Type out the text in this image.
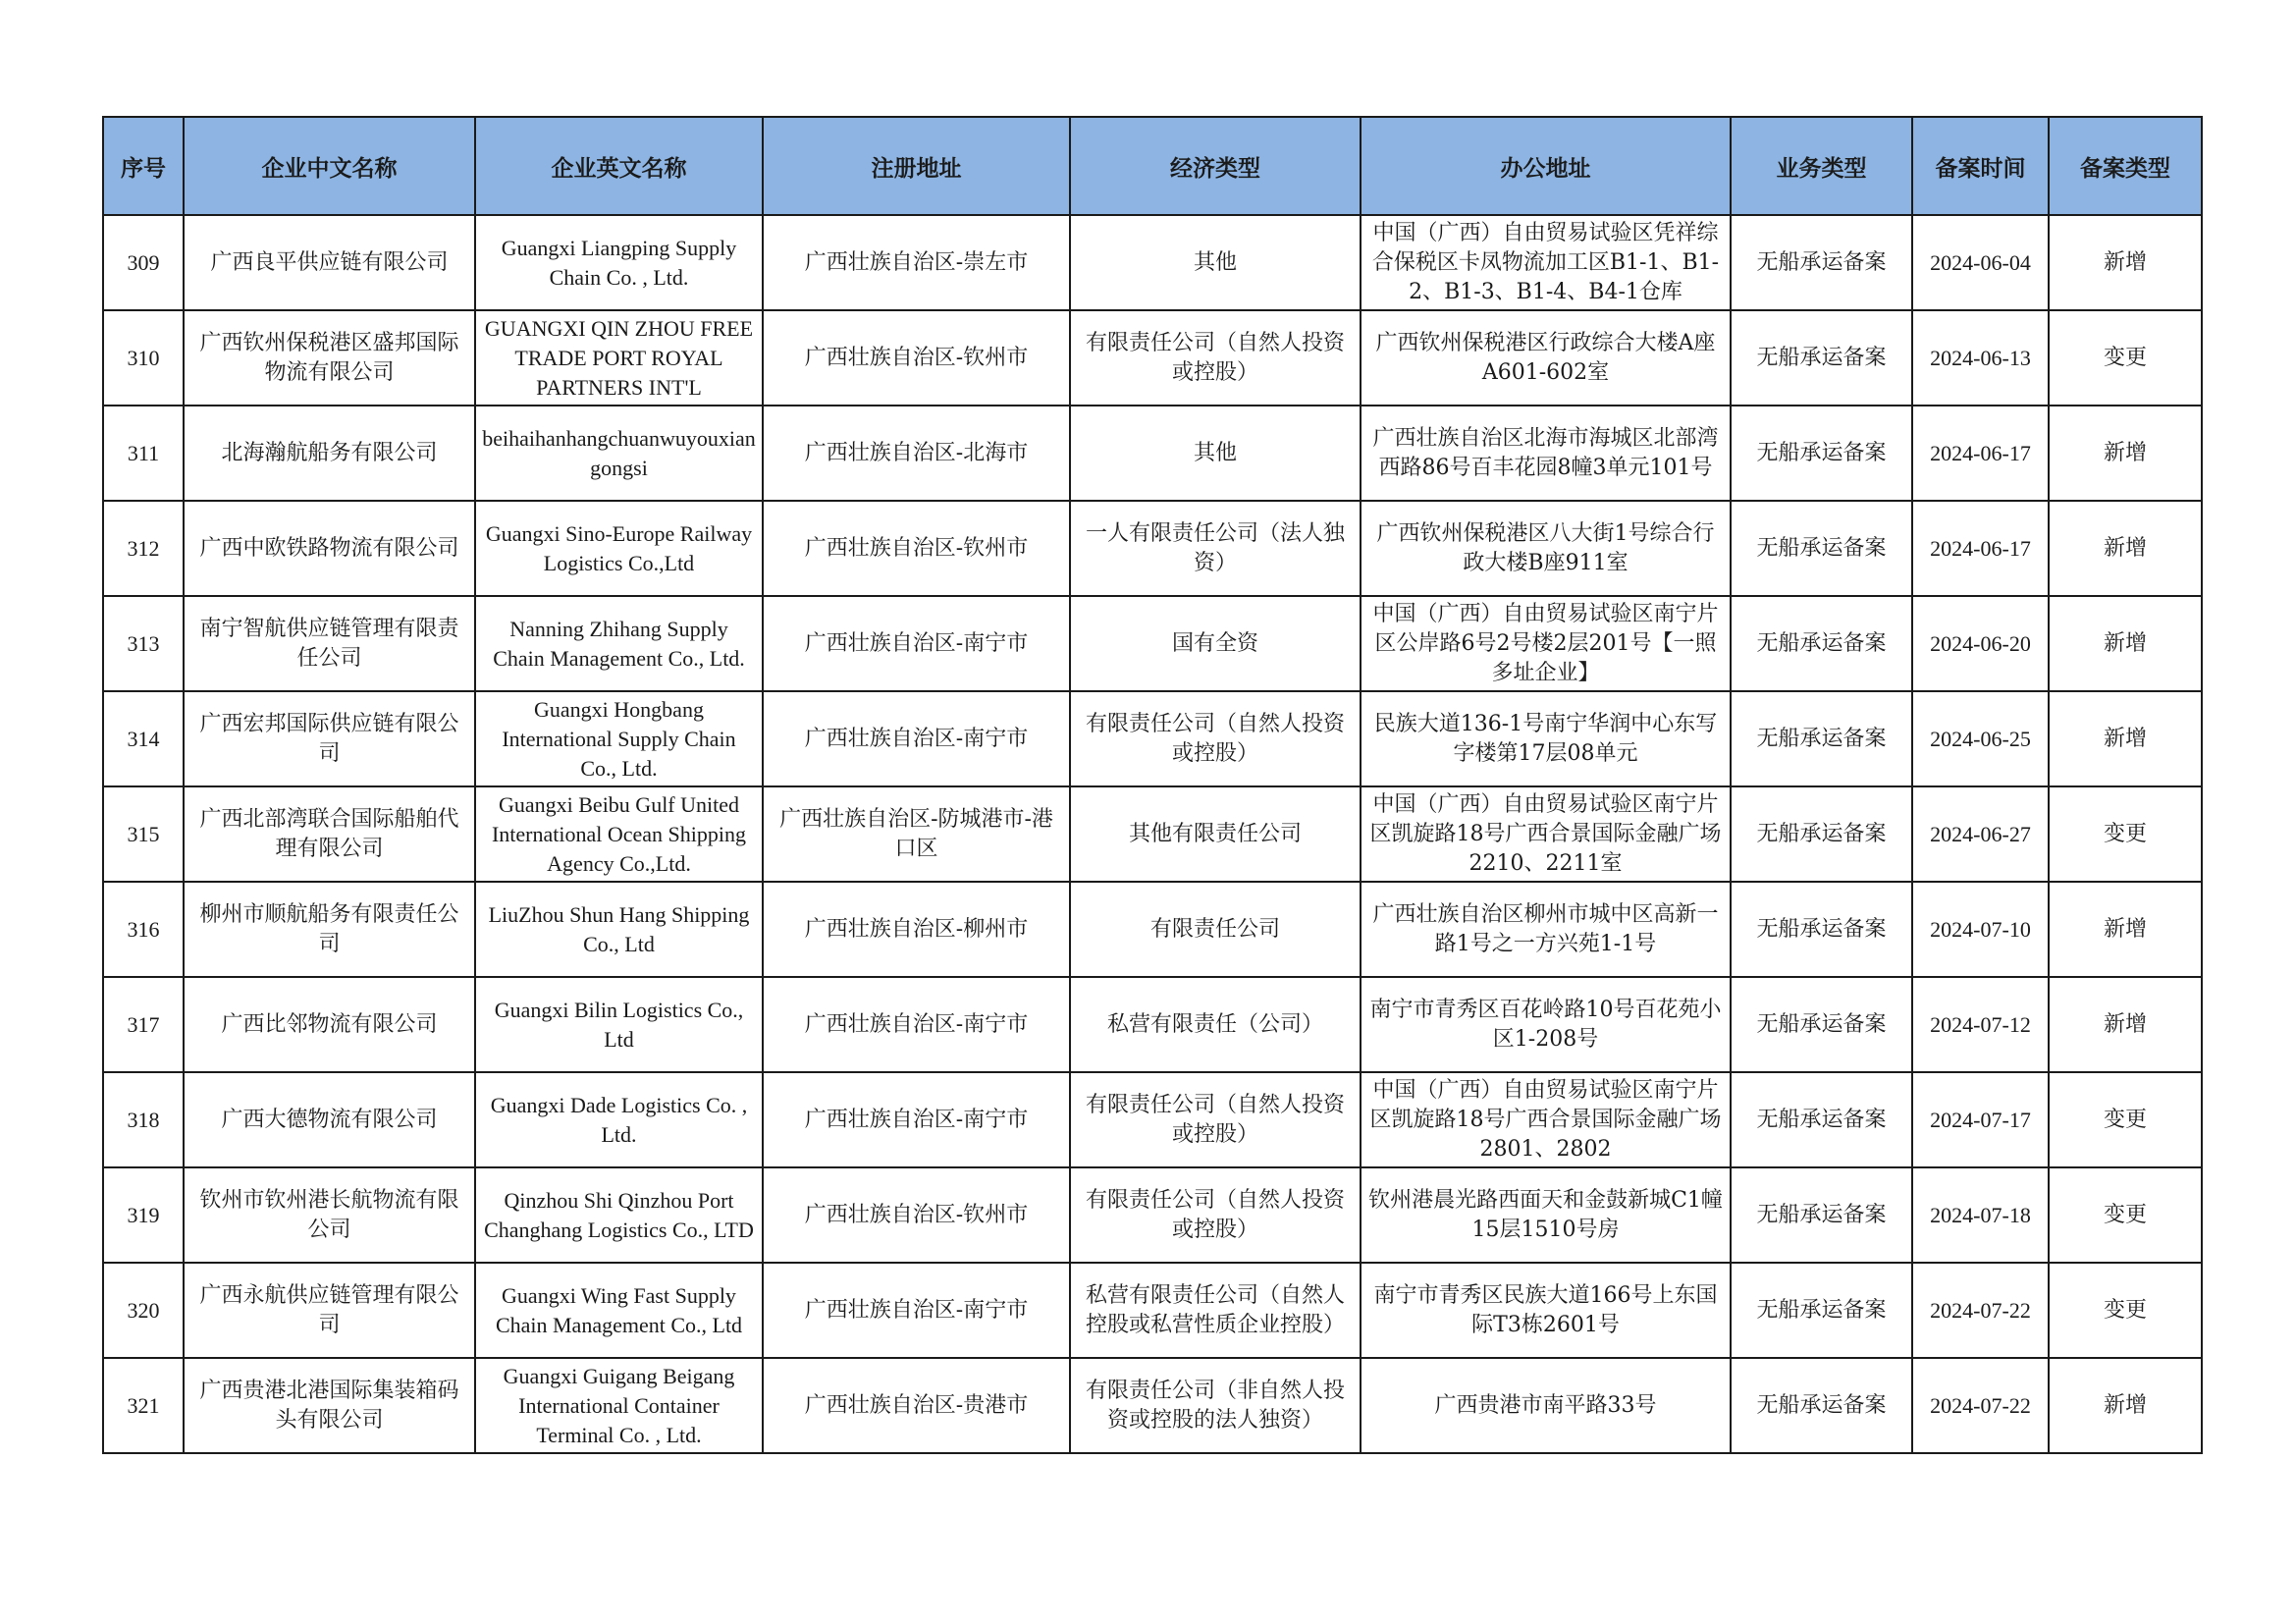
序号	企业中文名称	企业英文名称	注册地址	经济类型	办公地址	业务类型	备案时间	备案类型
309	广西良平供应链有限公司	Guangxi Liangping Supply Chain Co. , Ltd.	广西壮族自治区-崇左市	其他	中国（广西）自由贸易试验区凭祥综合保税区卡凤物流加工区B1-1、B1-2、B1-3、B1-4、B4-1仓库	无船承运备案	2024-06-04	新增
310	广西钦州保税港区盛邦国际物流有限公司	GUANGXI QIN ZHOU FREE TRADE PORT ROYAL PARTNERS INT'L	广西壮族自治区-钦州市	有限责任公司（自然人投资或控股）	广西钦州保税港区行政综合大楼A座A601-602室	无船承运备案	2024-06-13	变更
311	北海瀚航船务有限公司	beihaihanhangchuanwuyouxiangongsi	广西壮族自治区-北海市	其他	广西壮族自治区北海市海城区北部湾西路86号百丰花园8幢3单元101号	无船承运备案	2024-06-17	新增
312	广西中欧铁路物流有限公司	Guangxi Sino-Europe Railway Logistics Co.,Ltd	广西壮族自治区-钦州市	一人有限责任公司（法人独资）	广西钦州保税港区八大街1号综合行政大楼B座911室	无船承运备案	2024-06-17	新增
313	南宁智航供应链管理有限责任公司	Nanning Zhihang Supply Chain Management Co., Ltd.	广西壮族自治区-南宁市	国有全资	中国（广西）自由贸易试验区南宁片区公岸路6号2号楼2层201号【一照多址企业】	无船承运备案	2024-06-20	新增
314	广西宏邦国际供应链有限公司	Guangxi Hongbang International Supply Chain Co., Ltd.	广西壮族自治区-南宁市	有限责任公司（自然人投资或控股）	民族大道136-1号南宁华润中心东写字楼第17层08单元	无船承运备案	2024-06-25	新增
315	广西北部湾联合国际船舶代理有限公司	Guangxi Beibu Gulf United International Ocean Shipping Agency Co.,Ltd.	广西壮族自治区-防城港市-港口区	其他有限责任公司	中国（广西）自由贸易试验区南宁片区凯旋路18号广西合景国际金融广场2210、2211室	无船承运备案	2024-06-27	变更
316	柳州市顺航船务有限责任公司	LiuZhou Shun Hang Shipping Co., Ltd	广西壮族自治区-柳州市	有限责任公司	广西壮族自治区柳州市城中区高新一路1号之一方兴苑1-1号	无船承运备案	2024-07-10	新增
317	广西比邻物流有限公司	Guangxi Bilin Logistics Co., Ltd	广西壮族自治区-南宁市	私营有限责任（公司）	南宁市青秀区百花岭路10号百花苑小区1-208号	无船承运备案	2024-07-12	新增
318	广西大德物流有限公司	Guangxi Dade Logistics Co. , Ltd.	广西壮族自治区-南宁市	有限责任公司（自然人投资或控股）	中国（广西）自由贸易试验区南宁片区凯旋路18号广西合景国际金融广场2801、2802	无船承运备案	2024-07-17	变更
319	钦州市钦州港长航物流有限公司	Qinzhou Shi Qinzhou Port Changhang Logistics Co., LTD	广西壮族自治区-钦州市	有限责任公司（自然人投资或控股）	钦州港晨光路西面天和金鼓新城C1幢15层1510号房	无船承运备案	2024-07-18	变更
320	广西永航供应链管理有限公司	Guangxi Wing Fast Supply Chain Management Co., Ltd	广西壮族自治区-南宁市	私营有限责任公司（自然人控股或私营性质企业控股）	南宁市青秀区民族大道166号上东国际T3栋2601号	无船承运备案	2024-07-22	变更
321	广西贵港北港国际集装箱码头有限公司	Guangxi Guigang Beigang International Container Terminal Co. , Ltd.	广西壮族自治区-贵港市	有限责任公司（非自然人投资或控股的法人独资）	广西贵港市南平路33号	无船承运备案	2024-07-22	新增
